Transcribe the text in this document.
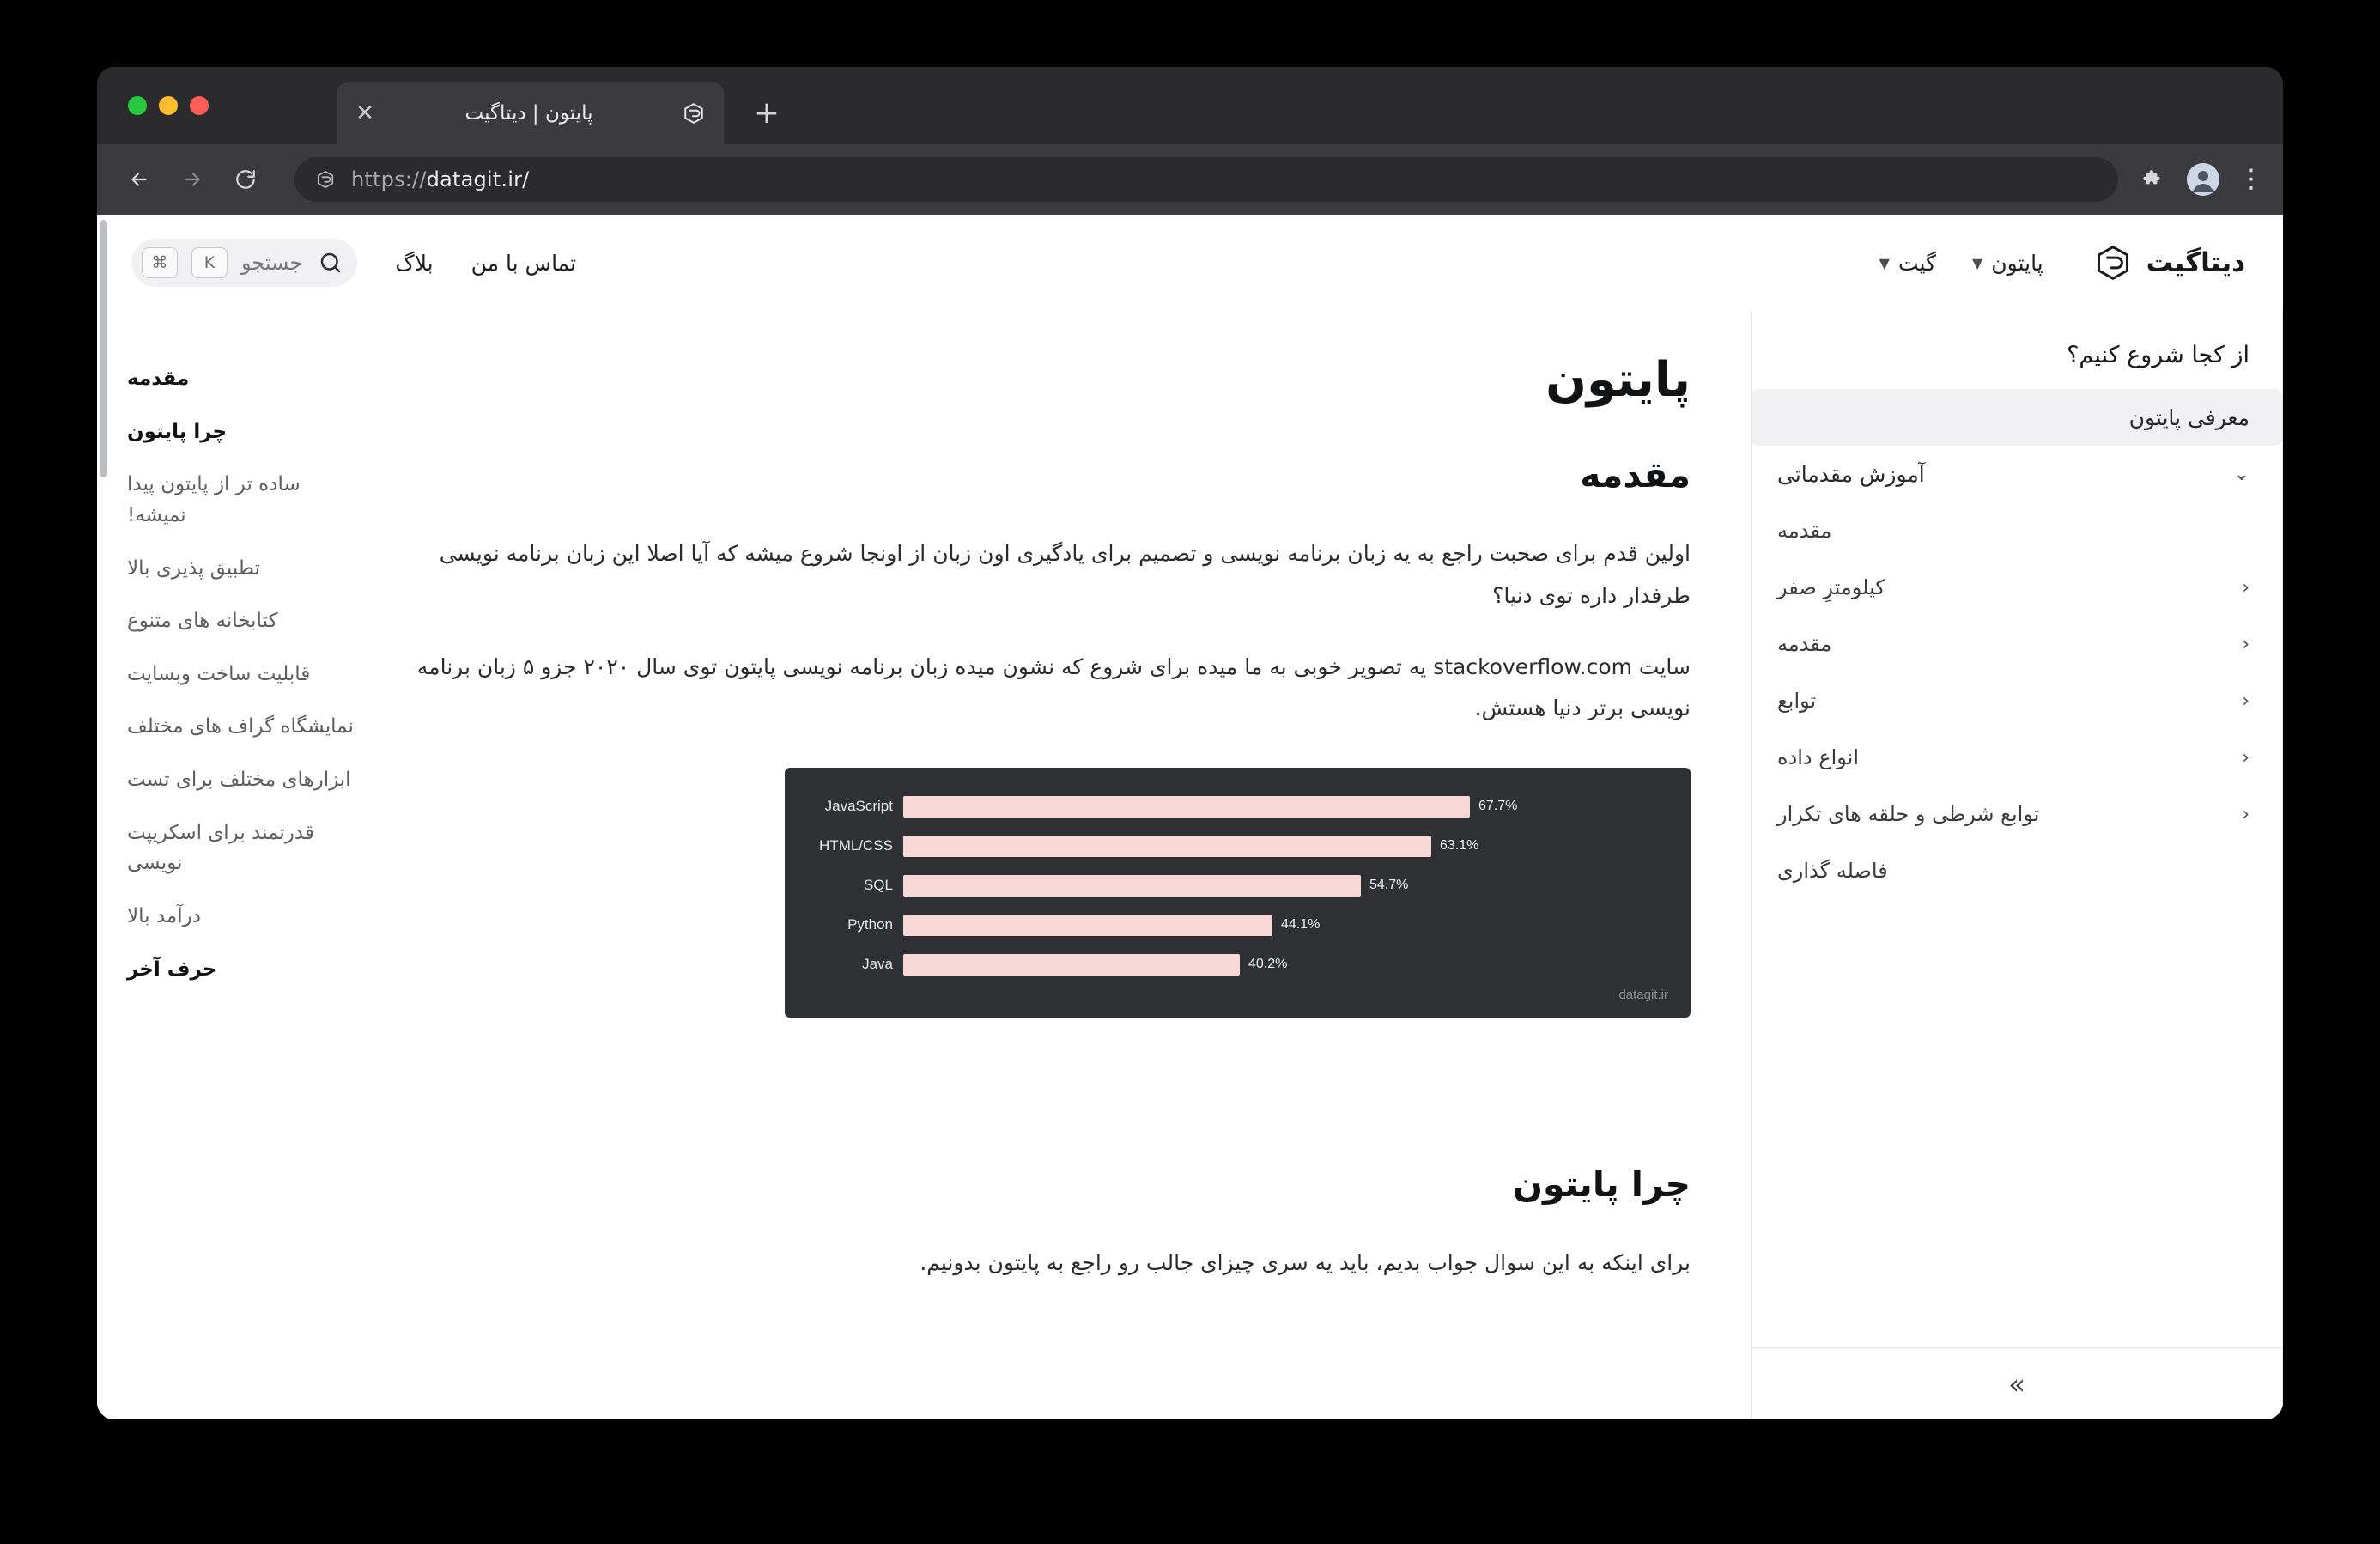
پایتون | دیتاگیت
✕	+
https://datagit.ir/	⋮
دیتاگیت
پایتون
▼
گیت
▼
تماس با من
بلاگ
جستجو
K
⌘
از کجا شروع کنیم؟
معرفی پایتون
⌄
آموزش مقدماتی
مقدمه
‹
کیلومترِ صفر
‹
مقدمه
‹
توابع
‹
انواع داده
‹
توابع شرطی و حلقه های تکرار
فاصله گذاری
»
پایتون
مقدمه

اولین قدم برای صحبت راجع به یه زبان برنامه نویسی و تصمیم برای یادگیری اون زبان از اونجا شروع میشه که آیا اصلا این زبان برنامه نویسی طرفدار داره توی دنیا؟

سایت stackoverflow.com یه تصویر خوبی به ما میده برای شروع که نشون میده زبان برنامه نویسی پایتون توی سال ۲۰۲۰ جزو ۵ زبان برنامه نویسی برتر دنیا هستش.

JavaScript	67.7%
HTML/CSS	63.1%
SQL	54.7%
Python	44.1%
Java	40.2%
datagit.ir
چرا پایتون

برای اینکه به این سوال جواب بدیم، باید یه سری چیزای جالب رو راجع به پایتون بدونیم.

مقدمه
چرا پایتون
ساده تر از پایتون پیدا نمیشه!
تطبیق پذیری بالا
کتابخانه های متنوع
قابلیت ساخت وبسایت
نمایشگاه گراف های مختلف
ابزارهای مختلف برای تست
قدرتمند برای اسکریپت نویسی
درآمد بالا
حرف آخر
